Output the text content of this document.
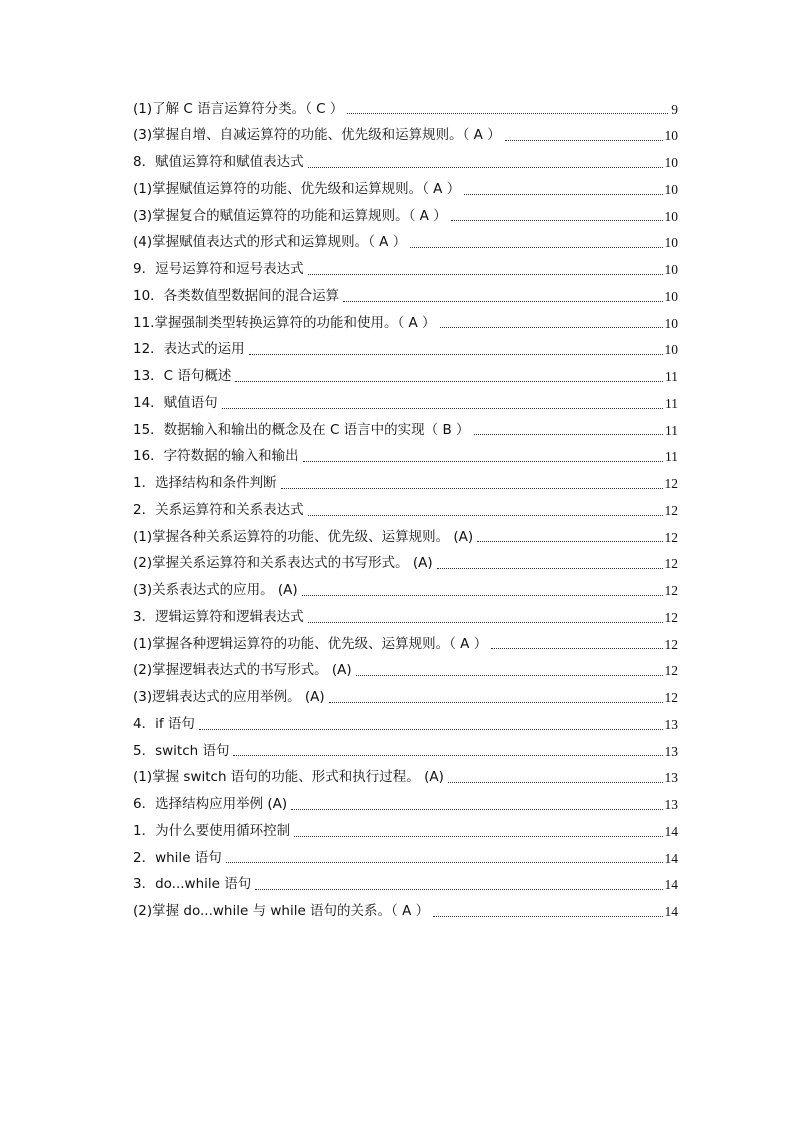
(1)了解 C 语言运算符分类。（ C ）	9
(3)掌握自增、自减运算符的功能、优先级和运算规则。（ A ）	10
8．赋值运算符和赋值表达式	10
(1)掌握赋值运算符的功能、优先级和运算规则。（ A ）	10
(3)掌握复合的赋值运算符的功能和运算规则。（ A ）	10
(4)掌握赋值表达式的形式和运算规则。（ A ）	10
9．逗号运算符和逗号表达式	10
10．各类数值型数据间的混合运算	10
11.掌握强制类型转换运算符的功能和使用。（ A ）	10
12．表达式的运用	10
13．C 语句概述	11
14．赋值语句	11
15．数据输入和输出的概念及在 C 语言中的实现（ B ）	11
16．字符数据的输入和输出	11
1．选择结构和条件判断	12
2．关系运算符和关系表达式	12
(1)掌握各种关系运算符的功能、优先级、运算规则。 (A)	12
(2)掌握关系运算符和关系表达式的书写形式。 (A)	12
(3)关系表达式的应用。 (A)	12
3．逻辑运算符和逻辑表达式	12
(1)掌握各种逻辑运算符的功能、优先级、运算规则。（ A ）	12
(2)掌握逻辑表达式的书写形式。 (A)	12
(3)逻辑表达式的应用举例。 (A)	12
4．if 语句	13
5．switch 语句	13
(1)掌握 switch 语句的功能、形式和执行过程。 (A)	13
6．选择结构应用举例 (A)	13
1．为什么要使用循环控制	14
2．while 语句	14
3．do...while 语句	14
(2)掌握 do...while 与 while 语句的关系。（ A ）	14
